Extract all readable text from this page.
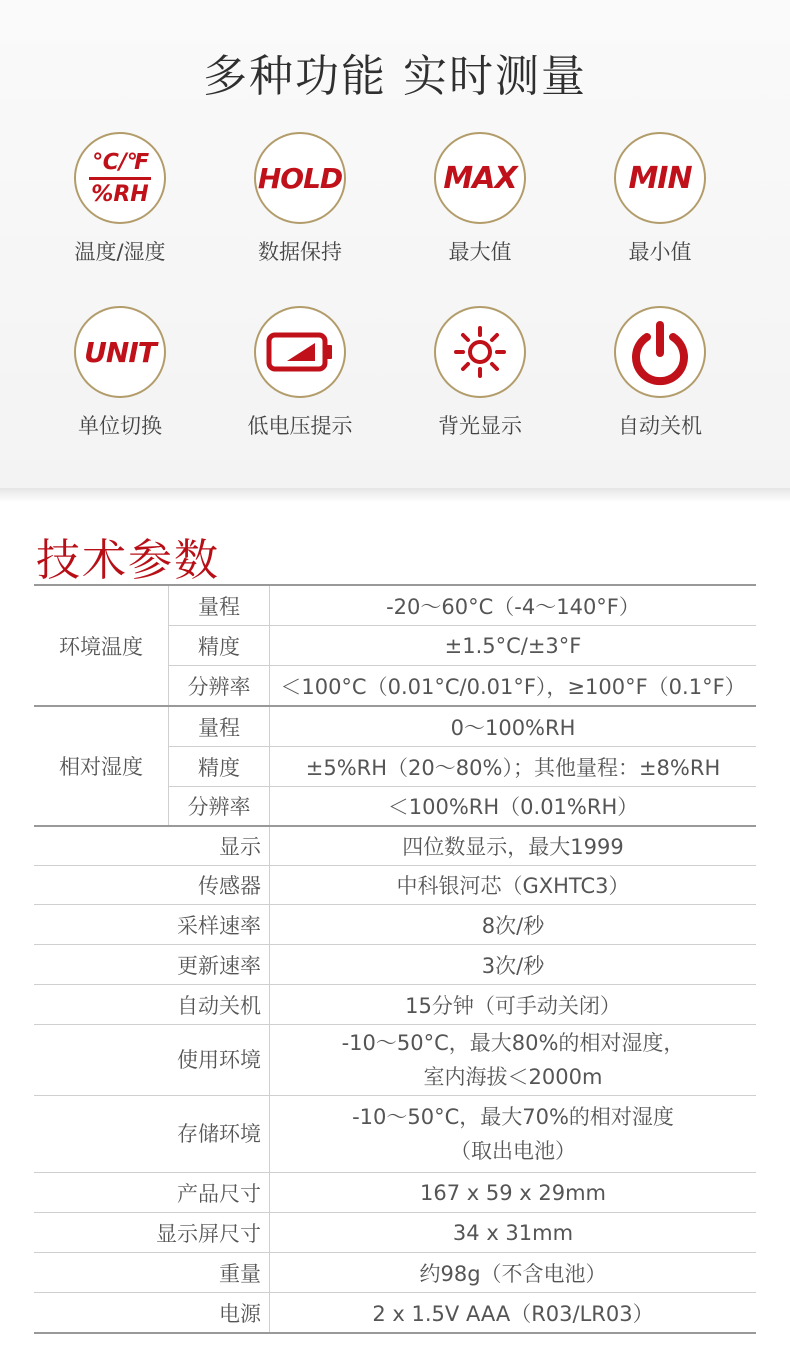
多种功能 实时测量
$\frac{℃/℉}{\%RH}$
温度/湿度
HOLD
数据保持
MAX
最大值
MIN
最小值
UNIT
单位切换	低电压提示	背光显示	自动关机
技术参数
环境温度	量程	-20～60°C（-4～140°F）
	精度	±1.5°C/±3°F
	分辨率	＜100°C（0.01°C/0.01°F），≥100°F（0.1°F）
相对湿度	量程	0～100%RH
	精度	±5%RH（20～80%）；其他量程：±8%RH
	分辨率	＜100%RH（0.01%RH）
显示		四位数显示，最大1999
传感器		中科银河芯（GXHTC3）
采样速率		8次/秒
更新速率		3次/秒
自动关机		15分钟（可手动关闭）
使用环境		-10～50°C，最大80%的相对湿度，
室内海拔＜2000m

存储环境		-10～50°C，最大70%的相对湿度
（取出电池）

产品尺寸		167 x 59 x 29mm
显示屏尺寸		34 x 31mm
重量		约98g（不含电池）
电源		2 x 1.5V AAA（R03/LR03）
